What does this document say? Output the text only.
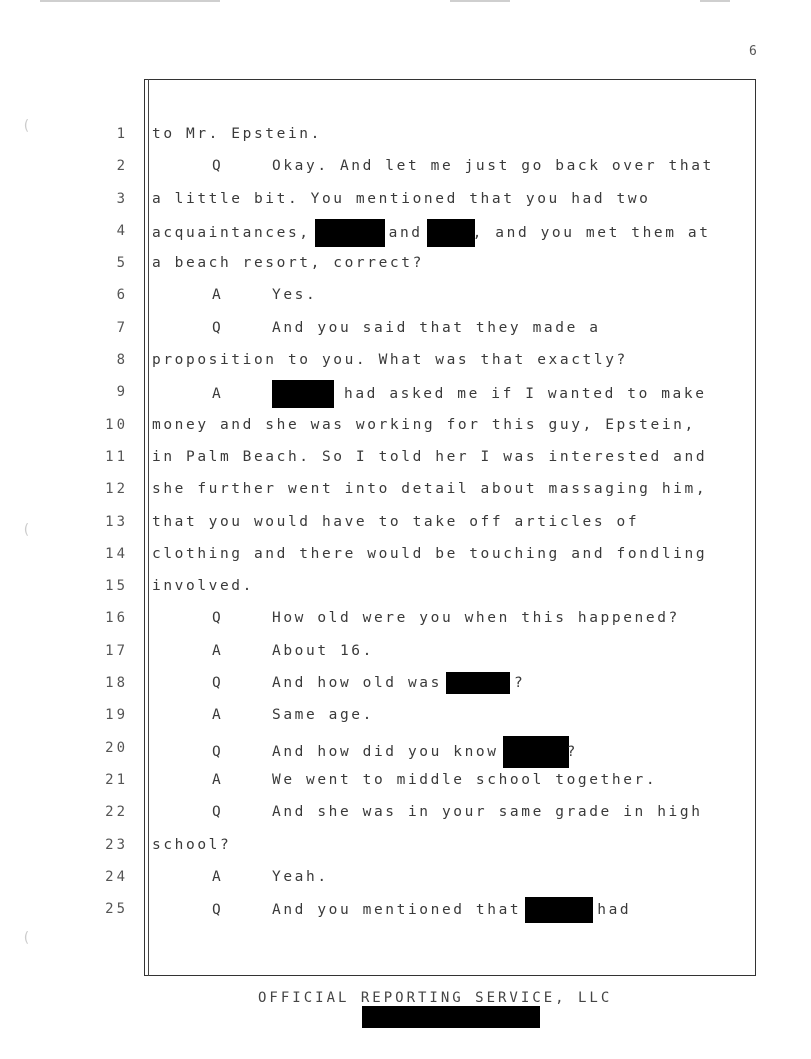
(
(
(
6
1
2
3
4
5
6
7
8
9
10
11
12
13
14
15
16
17
18
19
20
21
22
23
24
25
to Mr. Epstein.
Q	Okay. And let me just go back over that
a little bit. You mentioned that you had two
acquaintances,	and	, and you met them at
a beach resort, correct?
A	Yes.
Q	And you said that they made a
proposition to you. What was that exactly?
A	had asked me if I wanted to make
money and she was working for this guy, Epstein,
in Palm Beach. So I told her I was interested and
she further went into detail about massaging him,
that you would have to take off articles of
clothing and there would be touching and fondling
involved.
Q	How old were you when this happened?
A	About 16.
Q	And how old was	?
A	Same age.
Q	And how did you know	?
A	We went to middle school together.
Q	And she was in your same grade in high
school?
A	Yeah.
Q	And you mentioned that	had
OFFICIAL REPORTING SERVICE, LLC
